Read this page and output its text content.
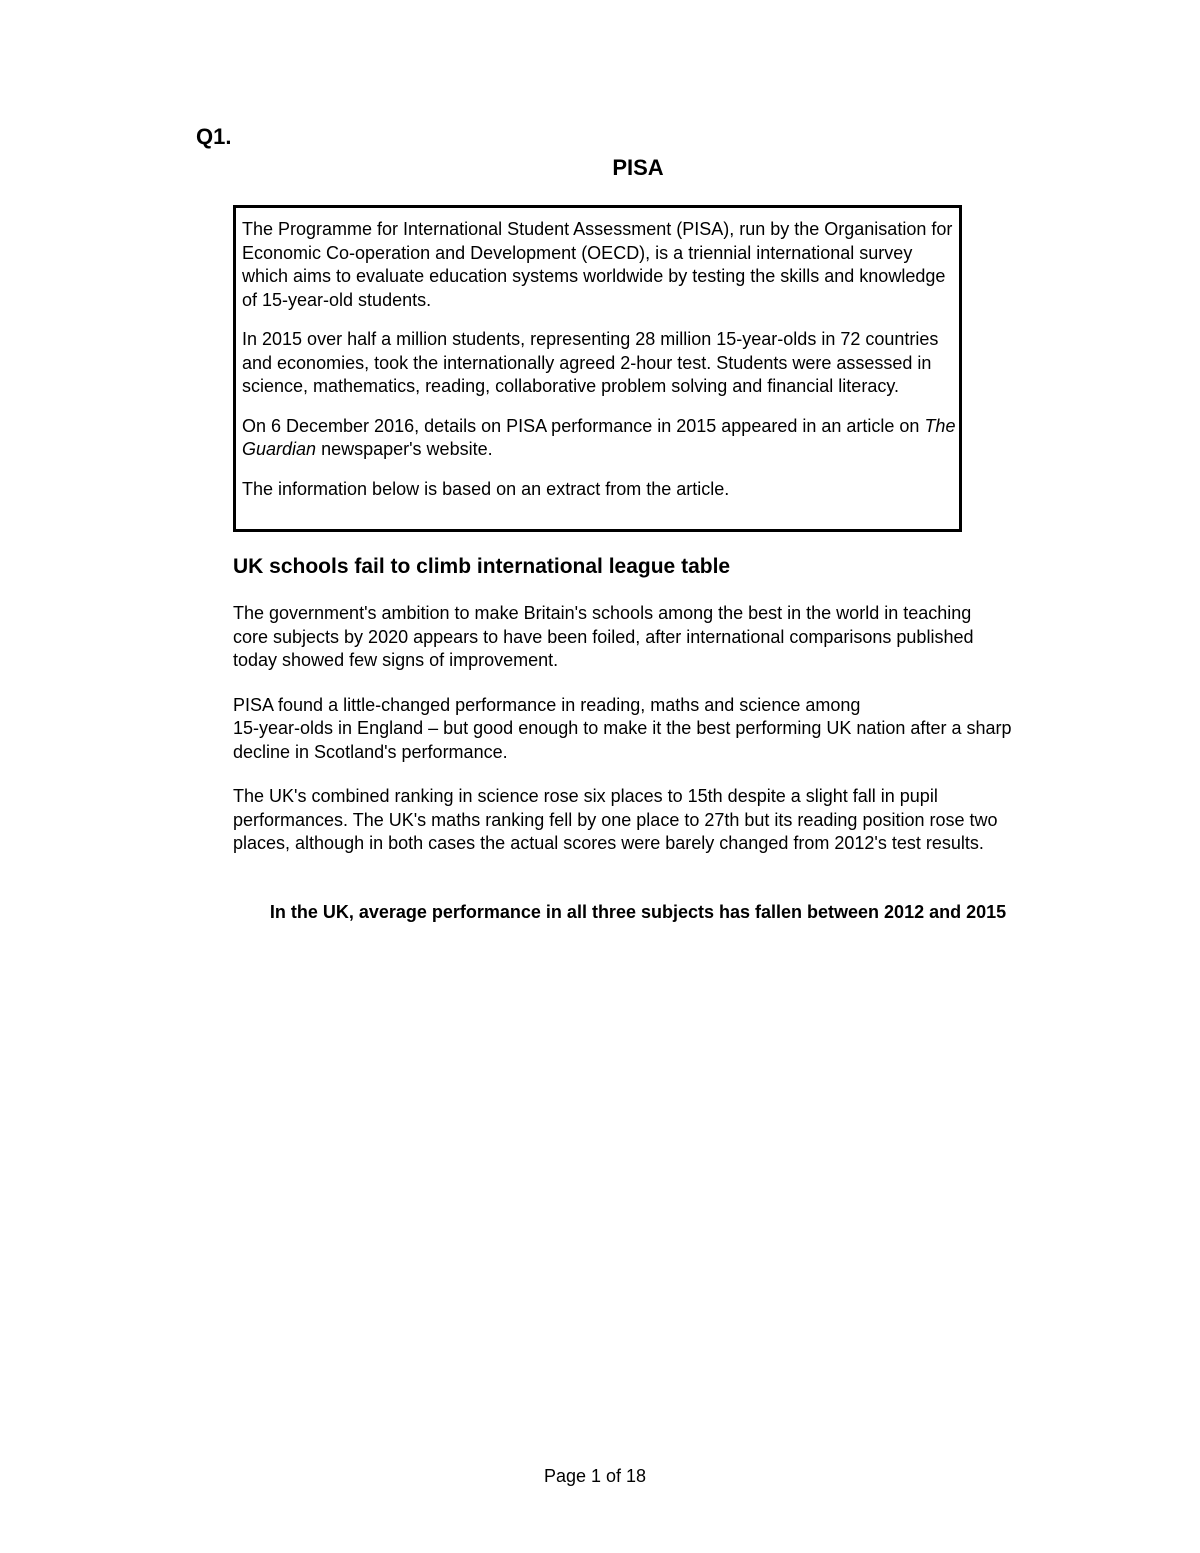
Q1.
PISA

The Programme for International Student Assessment (PISA), run by the Organisation for Economic Co-operation and Development (OECD), is a triennial international survey which aims to evaluate education systems worldwide by testing the skills and knowledge of 15-year-old students.

In 2015 over half a million students, representing 28 million 15-year-olds in 72 countries and economies, took the internationally agreed 2-hour test. Students were assessed in science, mathematics, reading, collaborative problem solving and financial literacy.

On 6 December 2016, details on PISA performance in 2015 appeared in an article on The Guardian newspaper's website.

The information below is based on an extract from the article.

UK schools fail to climb international league table

The government's ambition to make Britain's schools among the best in the world in teaching core subjects by 2020 appears to have been foiled, after international comparisons published today showed few signs of improvement.

PISA found a little-changed performance in reading, maths and science among
15-year-olds in England – but good enough to make it the best performing UK nation after a sharp decline in Scotland's performance.

The UK's combined ranking in science rose six places to 15th despite a slight fall in pupil performances. The UK's maths ranking fell by one place to 27th but its reading position rose two places, although in both cases the actual scores were barely changed from 2012's test results.

In the UK, average performance in all three subjects has fallen between 2012 and 2015
Page 1 of 18
